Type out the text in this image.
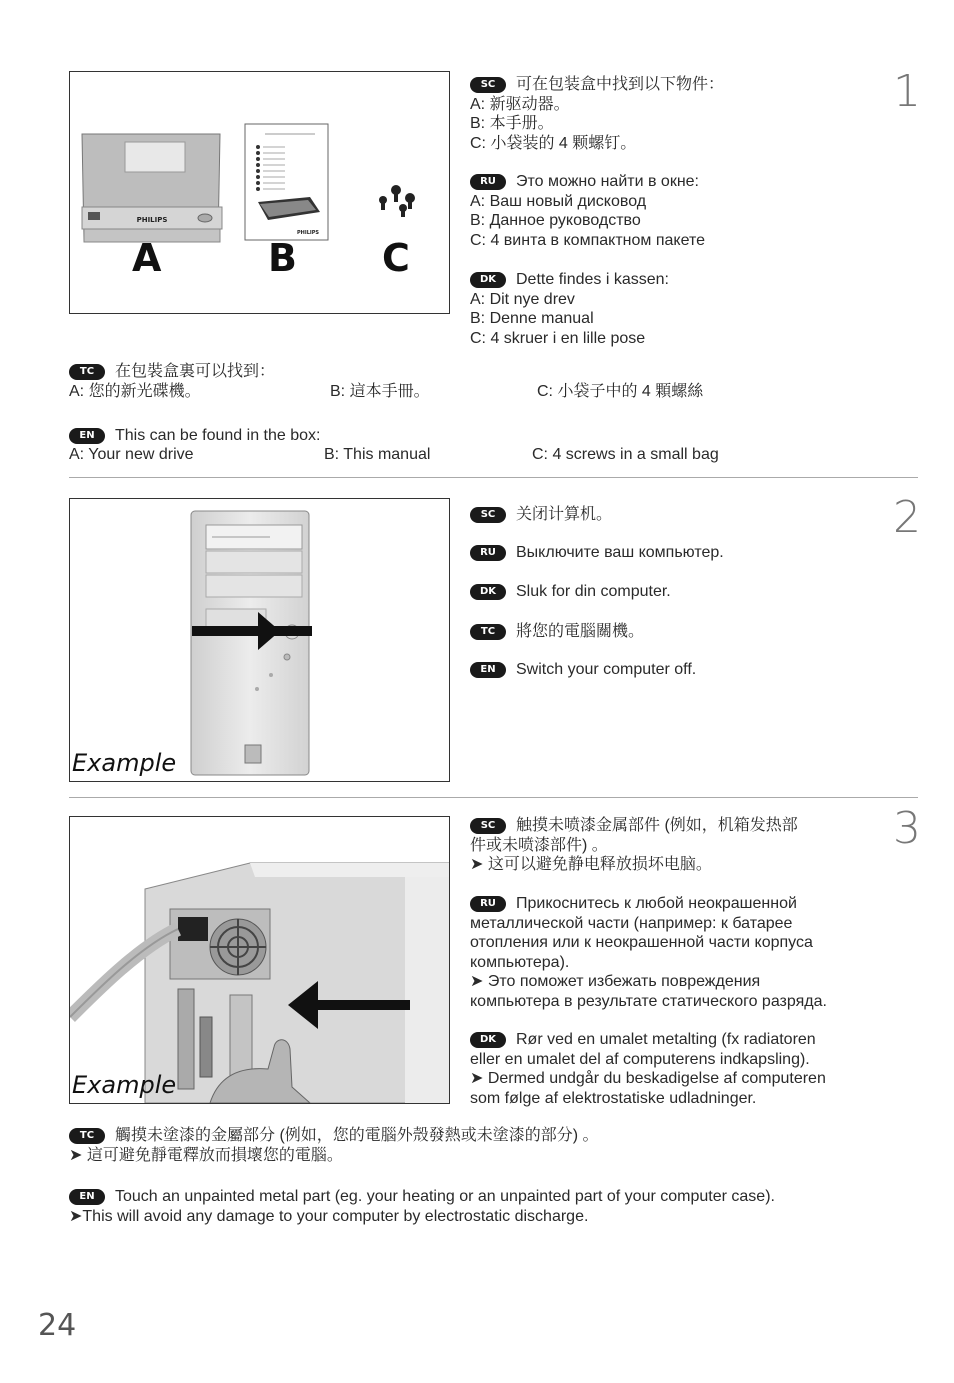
PHILIPS
PHILIPS
A	B C
1
SC 可在包装盒中找到以下物件：
A: 新驱动器。
B: 本手册。
C: 小袋装的 4 颗螺钉。
RU Это можно найти в окне:
A: Ваш новый дисковод
B: Данное руководство
C: 4 винта в компактном пакете
DK Dette findes i kassen:
A: Dit nye drev
B: Denne manual
C: 4 skruer i en lille pose
TC 在包裝盒裏可以找到：
A: 您的新光碟機。	B: 這本手冊。	C: 小袋子中的 4 顆螺絲
EN This can be found in the box:
A: Your new drive	B: This manual	C: 4 screws in a small bag
Example
2
SC 关闭计算机。
RU Выключите ваш компьютер.
DK Sluk for din computer.
TC 將您的電腦關機。
EN Switch your computer off.
Example
3
SC 触摸未喷漆金属部件 (例如，机箱发热部
件或未喷漆部件) 。
➤ 这可以避免静电释放损坏电脑。
RU Прикоснитесь к любой неокрашенной
металлической части (например: к батарее
отопления или к неокрашенной части корпуса
компьютера).
➤ Это поможет избежать повреждения
компьютера в результате статического разряда.
DK Rør ved en umalet metalting (fx radiatoren
eller en umalet del af computerens indkapsling).
➤ Dermed undgår du beskadigelse af computeren
som følge af elektrostatiske udladninger.
TC 觸摸未塗漆的金屬部分 (例如，您的電腦外殼發熱或未塗漆的部分) 。
➤ 這可避免靜電釋放而損壞您的電腦。
EN Touch an unpainted metal part (eg. your heating or an unpainted part of your computer case).
➤This will avoid any damage to your computer by electrostatic discharge.
24
